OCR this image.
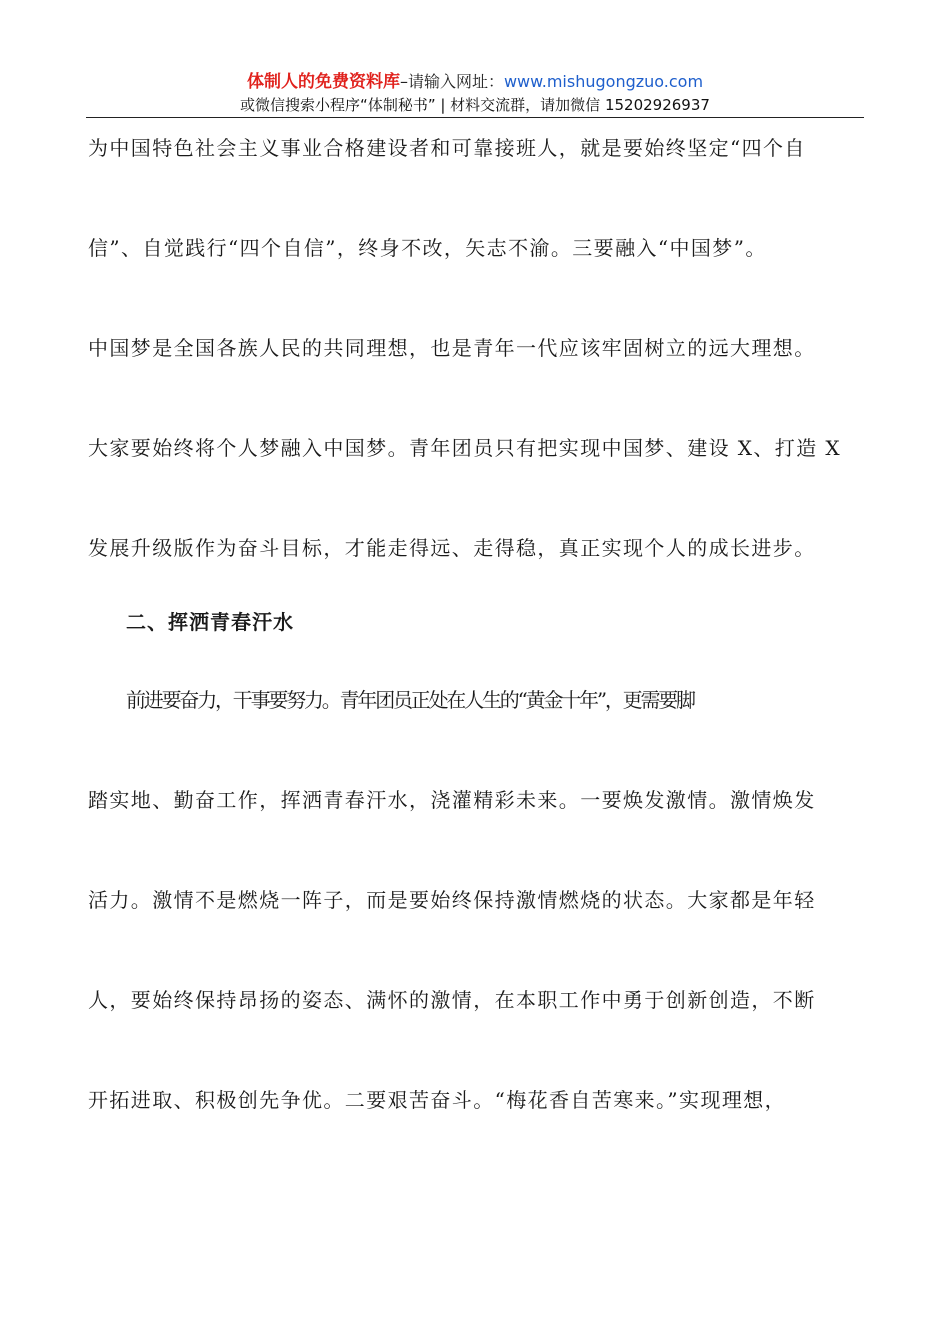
体制人的免费资料库–请输入网址：www.mishugongzuo.com
或微信搜索小程序“体制秘书” | 材料交流群，请加微信 15202926937
为中国特色社会主义事业合格建设者和可靠接班人，就是要始终坚定“四个自
信”、自觉践行“四个自信”，终身不改，矢志不渝。三要融入“中国梦”。
中国梦是全国各族人民的共同理想，也是青年一代应该牢固树立的远大理想。
大家要始终将个人梦融入中国梦。青年团员只有把实现中国梦、建设 X、打造 X
发展升级版作为奋斗目标，才能走得远、走得稳，真正实现个人的成长进步。
二、挥洒青春汗水
前进要奋力，干事要努力。青年团员正处在人生的“黄金十年”，更需要脚
踏实地、勤奋工作，挥洒青春汗水，浇灌精彩未来。一要焕发激情。激情焕发
活力。激情不是燃烧一阵子，而是要始终保持激情燃烧的状态。大家都是年轻
人，要始终保持昂扬的姿态、满怀的激情，在本职工作中勇于创新创造，不断
开拓进取、积极创先争优。二要艰苦奋斗。“梅花香自苦寒来。”实现理想，
